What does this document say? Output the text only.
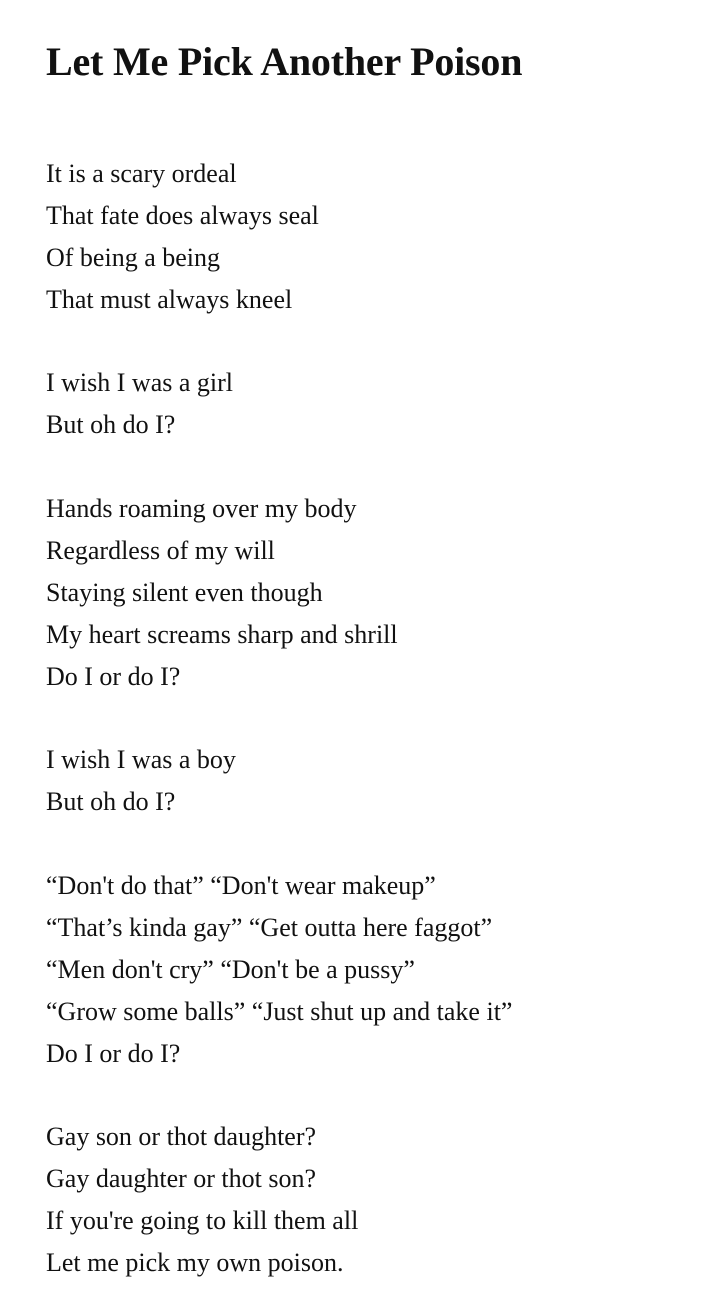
Let Me Pick Another Poison
It is a scary ordeal
That fate does always seal
Of being a being
That must always kneel
I wish I was a girl
But oh do I?
Hands roaming over my body
Regardless of my will
Staying silent even though
My heart screams sharp and shrill
Do I or do I?
I wish I was a boy
But oh do I?
“Don't do that” “Don't wear makeup”
“That’s kinda gay” “Get outta here faggot”
“Men don't cry” “Don't be a pussy”
“Grow some balls” “Just shut up and take it”
Do I or do I?
Gay son or thot daughter?
Gay daughter or thot son?
If you're going to kill them all
Let me pick my own poison.
